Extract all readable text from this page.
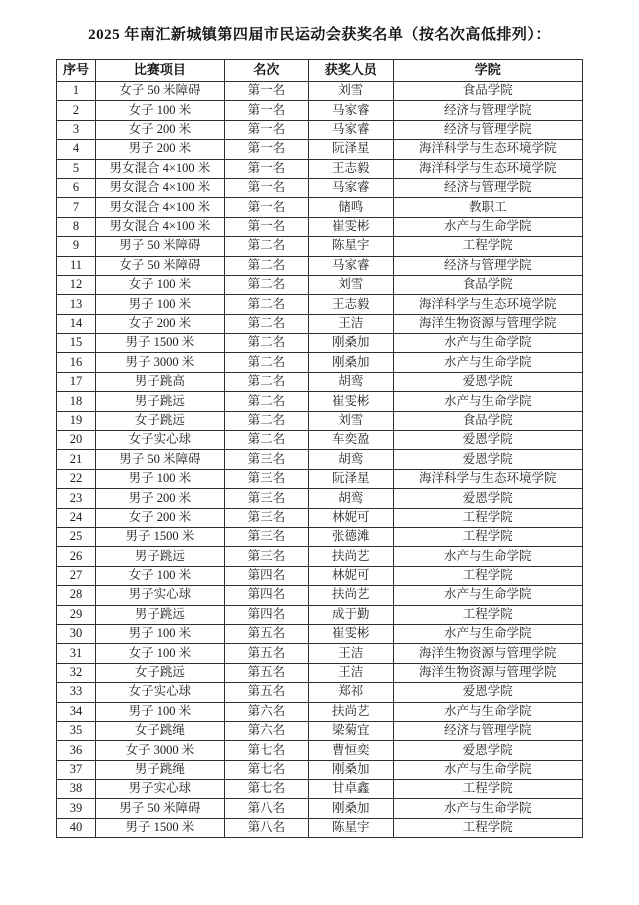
2025 年南汇新城镇第四届市民运动会获奖名单（按名次高低排列）：
序号	比赛项目	名次	获奖人员	学院
1	女子 50 米障碍	第一名	刘雪	食品学院
2	女子 100 米	第一名	马家睿	经济与管理学院
3	女子 200 米	第一名	马家睿	经济与管理学院
4	男子 200 米	第一名	阮泽星	海洋科学与生态环境学院
5	男女混合 4×100 米	第一名	王志毅	海洋科学与生态环境学院
6	男女混合 4×100 米	第一名	马家睿	经济与管理学院
7	男女混合 4×100 米	第一名	储鸣	教职工
8	男女混合 4×100 米	第一名	崔雯彬	水产与生命学院
9	男子 50 米障碍	第二名	陈星宇	工程学院
11	女子 50 米障碍	第二名	马家睿	经济与管理学院
12	女子 100 米	第二名	刘雪	食品学院
13	男子 100 米	第二名	王志毅	海洋科学与生态环境学院
14	女子 200 米	第二名	王洁	海洋生物资源与管理学院
15	男子 1500 米	第二名	刚桑加	水产与生命学院
16	男子 3000 米	第二名	刚桑加	水产与生命学院
17	男子跳高	第二名	胡鸾	爱恩学院
18	男子跳远	第二名	崔雯彬	水产与生命学院
19	女子跳远	第二名	刘雪	食品学院
20	女子实心球	第二名	车奕盈	爱恩学院
21	男子 50 米障碍	第三名	胡鸾	爱恩学院
22	男子 100 米	第三名	阮泽星	海洋科学与生态环境学院
23	男子 200 米	第三名	胡鸾	爱恩学院
24	女子 200 米	第三名	林妮可	工程学院
25	男子 1500 米	第三名	张德滩	工程学院
26	男子跳远	第三名	扶尚艺	水产与生命学院
27	女子 100 米	第四名	林妮可	工程学院
28	男子实心球	第四名	扶尚艺	水产与生命学院
29	男子跳远	第四名	成于勤	工程学院
30	男子 100 米	第五名	崔雯彬	水产与生命学院
31	女子 100 米	第五名	王洁	海洋生物资源与管理学院
32	女子跳远	第五名	王洁	海洋生物资源与管理学院
33	女子实心球	第五名	郑祁	爱恩学院
34	男子 100 米	第六名	扶尚艺	水产与生命学院
35	女子跳绳	第六名	梁菊宜	经济与管理学院
36	女子 3000 米	第七名	曹恒奕	爱恩学院
37	男子跳绳	第七名	刚桑加	水产与生命学院
38	男子实心球	第七名	甘卓鑫	工程学院
39	男子 50 米障碍	第八名	刚桑加	水产与生命学院
40	男子 1500 米	第八名	陈星宇	工程学院
